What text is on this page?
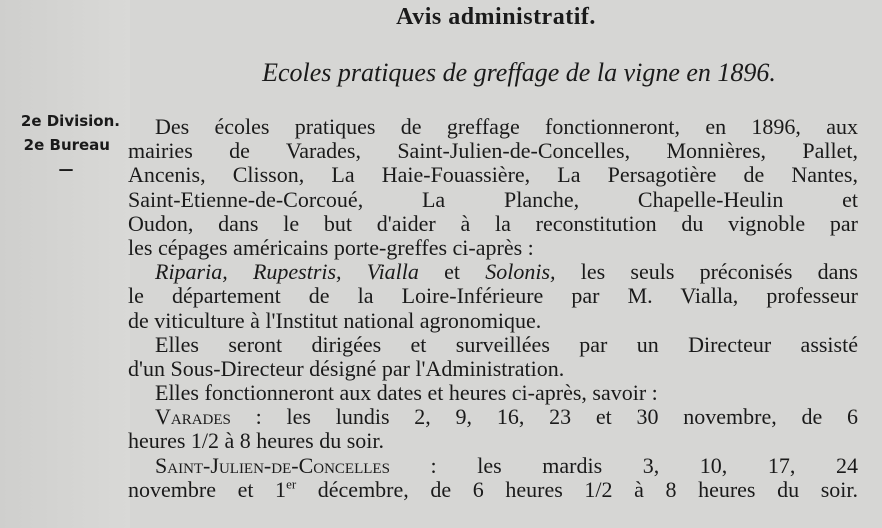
Avis administratif.
Ecoles pratiques de greffage de la vigne en 1896.
2e Division.
2e Bureau
—
Des écoles pratiques de greffage fonctionneront, en 1896, aux
mairies de Varades, Saint-Julien-de-Concelles, Monnières, Pallet,
Ancenis, Clisson, La Haie-Fouassière, La Persagotière de Nantes,
Saint-Etienne-de-Corcoué, La Planche, Chapelle-Heulin et
Oudon, dans le but d'aider à la reconstitution du vignoble par
les cépages américains porte-greffes ci-après :
Riparia, Rupestris, Vialla et Solonis, les seuls préconisés dans
le département de la Loire-Inférieure par M. Vialla, professeur
de viticulture à l'Institut national agronomique.
Elles seront dirigées et surveillées par un Directeur assisté
d'un Sous-Directeur désigné par l'Administration.
Elles fonctionneront aux dates et heures ci-après, savoir :
Varades : les lundis 2, 9, 16, 23 et 30 novembre, de 6
heures 1/2 à 8 heures du soir.
Saint-Julien-de-Concelles : les mardis 3, 10, 17, 24
novembre et 1er décembre, de 6 heures 1/2 à 8 heures du soir.
